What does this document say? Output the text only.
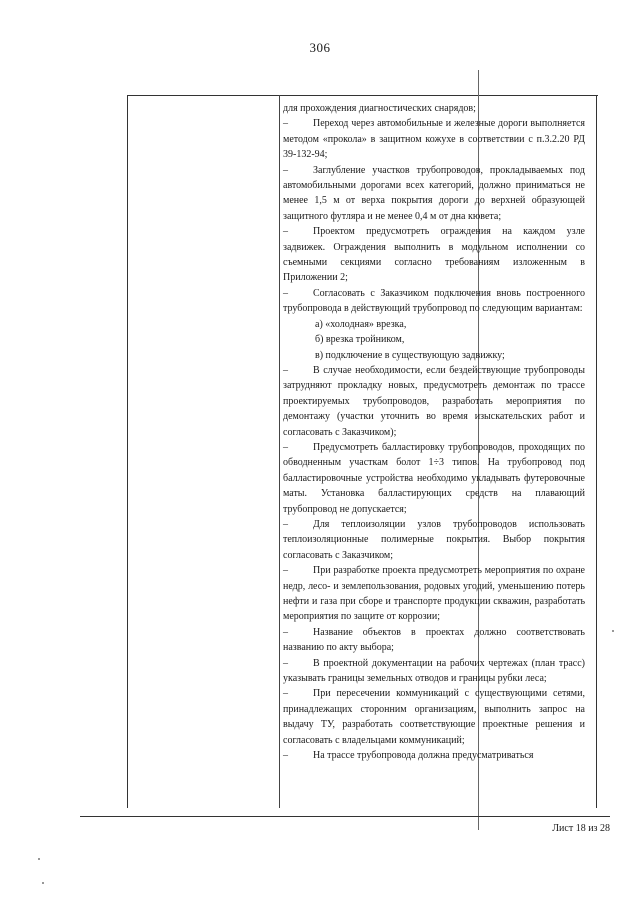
306

для прохождения диагностических снарядов;

–	Переход через автомобильные и железные дороги выполняется методом «прокола» в защитном кожухе в соответствии с п.3.2.20 РД 39-132-94;

–	Заглубление участков трубопроводов, прокладываемых под автомобильными дорогами всех категорий, должно приниматься не менее 1,5 м от верха покрытия дороги до верхней образующей защитного футляра и не менее 0,4 м от дна кювета;

–	Проектом предусмотреть ограждения на каждом узле задвижек. Ограждения выполнить в модульном исполнении со съемными секциями согласно требованиям изложенным в Приложении 2;

–	Согласовать с Заказчиком подключения вновь построенного трубопровода в действующий трубопровод по следующим вариантам:

а) «холодная» врезка,

б) врезка тройником,

в) подключение в существующую задвижку;

–	В случае необходимости, если бездействующие трубопроводы затрудняют прокладку новых, предусмотреть демонтаж по трассе проектируемых трубопроводов, разработать мероприятия по демонтажу (участки уточнить во время изыскательских работ и согласовать с Заказчиком);

–	Предусмотреть балластировку трубопроводов, проходящих по обводненным участкам болот 1÷3 типов. На трубопровод под балластировочные устройства необходимо укладывать футеровочные маты. Установка балластирующих средств на плавающий трубопровод не допускается;

–	Для теплоизоляции узлов трубопроводов использовать теплоизоляционные полимерные покрытия. Выбор покрытия согласовать с Заказчиком;

–	При разработке проекта предусмотреть мероприятия по охране недр, лесо- и землепользования, родовых угодий, уменьшению потерь нефти и газа при сборе и транспорте продукции скважин, разработать мероприятия по защите от коррозии;

–	Название объектов в проектах должно соответствовать названию по акту выбора;

–	В проектной документации на рабочих чертежах (план трасс) указывать границы земельных отводов и границы рубки леса;

–	При пересечении коммуникаций с существующими сетями, принадлежащих сторонним организациям, выполнить запрос на выдачу ТУ, разработать соответствующие проектные решения и согласовать с владельцами коммуникаций;

–	На трассе трубопровода должна предусматриваться

Лист 18 из 28
